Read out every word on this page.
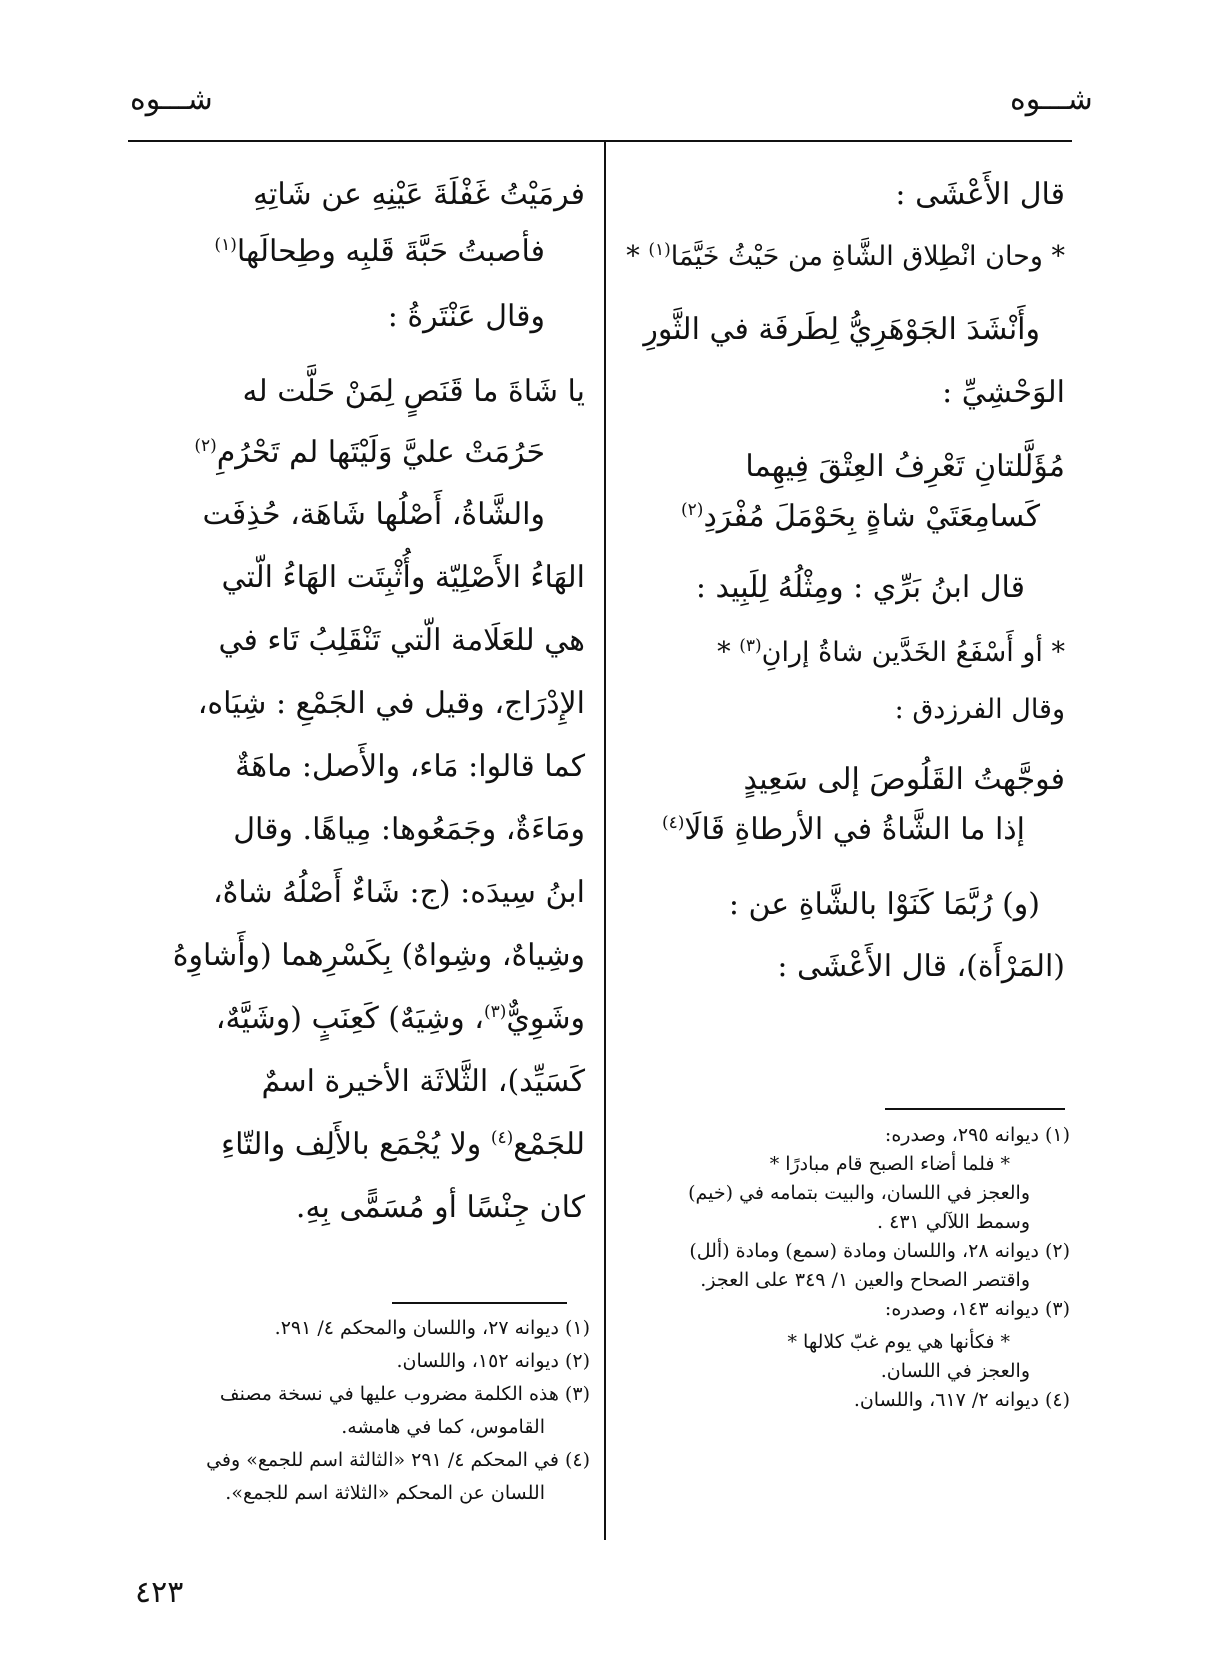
شـــوه
شـــوه
قال الأَعْشَى :
* وحان انْطِلاق الشَّاةِ من حَيْثُ خَيَّمَا$^{(١)}$ *
وأَنْشَدَ الجَوْهَرِيُّ لِطَرفَة في الثَّورِ
الوَحْشِيِّ :
مُؤَلَّلتانِ تَعْرِفُ العِتْقَ فِيهِما
كَسامِعَتَيْ شاةٍ بِحَوْمَلَ مُفْرَدِ$^{(٢)}$
قال ابنُ بَرِّي : ومِثْلُهُ لِلَبِيد :
* أو أَسْفَعُ الخَدَّين شاةُ إرانِ$^{(٣)}$ *
وقال الفرزدق :
فوجَّهتُ القَلُوصَ إلى سَعِيدٍ
إذا ما الشَّاةُ في الأرطاةِ قَالَا$^{(٤)}$
(و) رُبَّمَا كَنَوْا بالشَّاةِ عن :
(المَرْأَة)، قال الأَعْشَى :
(١) ديوانه ٢٩٥، وصدره:
* فلما أضاء الصبح قام مبادرًا *
والعجز في اللسان، والبيت بتمامه في (خيم)
وسمط اللآلي ٤٣١ .
(٢) ديوانه ٢٨، واللسان ومادة (سمع) ومادة (ألل)
واقتصر الصحاح والعين ١/ ٣٤٩ على العجز.
(٣) ديوانه ١٤٣، وصدره:
* فكأنها هي يوم غبّ كلالها *
والعجز في اللسان.
(٤) ديوانه ٢/ ٦١٧، واللسان.
فرمَيْتُ غَفْلَةَ عَيْنِهِ عن شَاتِهِ
فأصبتُ حَبَّةَ قَلبِه وطِحالَها$^{(١)}$
وقال عَنْتَرةُ :
يا شَاةَ ما قَنَصٍ لِمَنْ حَلَّت له
حَرُمَتْ عليَّ وَلَيْتَها لم تَحْرُمِ$^{(٢)}$
والشَّاةُ، أَصْلُها شَاهَة، حُذِفَت
الهَاءُ الأَصْلِيّة وأُثْبِتَت الهَاءُ الّتي
هي للعَلَامة الّتي تَنْقَلِبُ تَاء في
الإِدْرَاج، وقيل في الجَمْعِ : شِيَاه،
كما قالوا: مَاء، والأَصل: ماهَةٌ
ومَاءَةٌ، وجَمَعُوها: مِياهًا. وقال
ابنُ سِيدَه: (ج: شَاءٌ أَصْلُهُ شاهٌ،
وشِياهٌ، وشِواهٌ) بِكَسْرِهما (وأَشاوِهُ
وشَوِيٌّ$^{(٣)}$، وشِيَهٌ) كَعِنَبٍ (وشَيَّهٌ،
كَسَيِّد)، الثَّلاثَة الأخيرة اسمٌ
للجَمْع$^{(٤)}$ ولا يُجْمَع بالأَلِف والتّاءِ
كان جِنْسًا أو مُسَمًّى بِهِ.
(١) ديوانه ٢٧، واللسان والمحكم ٤/ ٢٩١.
(٢) ديوانه ١٥٢، واللسان.
(٣) هذه الكلمة مضروب عليها في نسخة مصنف
القاموس، كما في هامشه.
(٤) في المحكم ٤/ ٢٩١ «الثالثة اسم للجمع» وفي
اللسان عن المحكم «الثلاثة اسم للجمع».
٤٢٣
